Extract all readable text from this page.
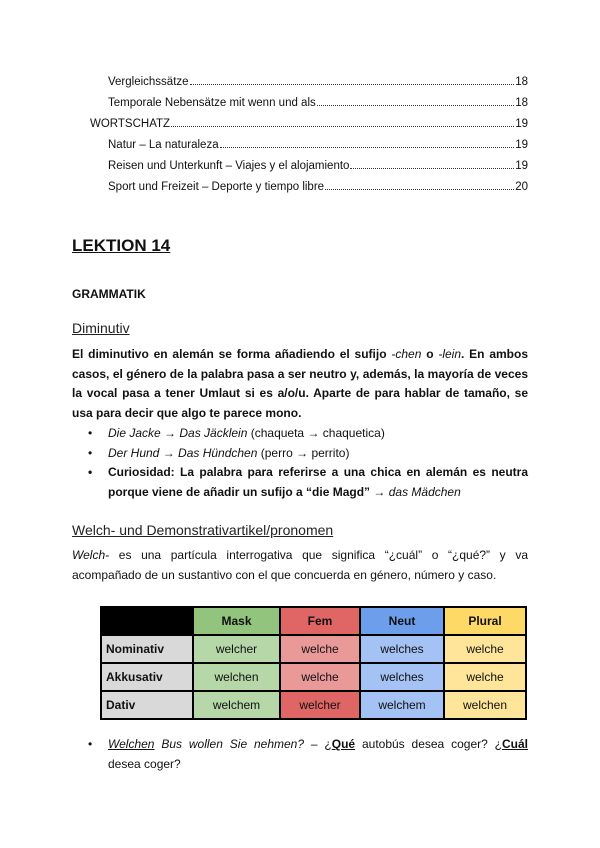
Vergleichssätze	18
Temporale Nebensätze mit wenn und als	18
WORTSCHATZ	19
Natur – La naturaleza	19
Reisen und Unterkunft – Viajes y el alojamiento	19
Sport und Freizeit – Deporte y tiempo libre	20
LEKTION 14
GRAMMATIK
Diminutiv
El diminutivo en alemán se forma añadiendo el sufijo -chen o -lein. En ambos casos, el género de la palabra pasa a ser neutro y, además, la mayoría de veces la vocal pasa a tener Umlaut si es a/o/u. Aparte de para hablar de tamaño, se usa para decir que algo te parece mono.
• Die Jacke → Das Jäcklein (chaqueta → chaquetica)
• Der Hund → Das Hündchen (perro → perrito)
• Curiosidad: La palabra para referirse a una chica en alemán es neutra porque viene de añadir un sufijo a “die Magd” → das Mädchen
Welch- und Demonstrativartikel/pronomen
Welch- es una partícula interrogativa que significa “¿cuál” o “¿qué?” y va acompañado de un sustantivo con el que concuerda en género, número y caso.
	Mask	Fem	Neut	Plural
Nominativ	welcher	welche	welches	welche
Akkusativ	welchen	welche	welches	welche
Dativ	welchem	welcher	welchem	welchen
• Welchen Bus wollen Sie nehmen? – ¿Qué autobús desea coger? ¿Cuál desea coger?
